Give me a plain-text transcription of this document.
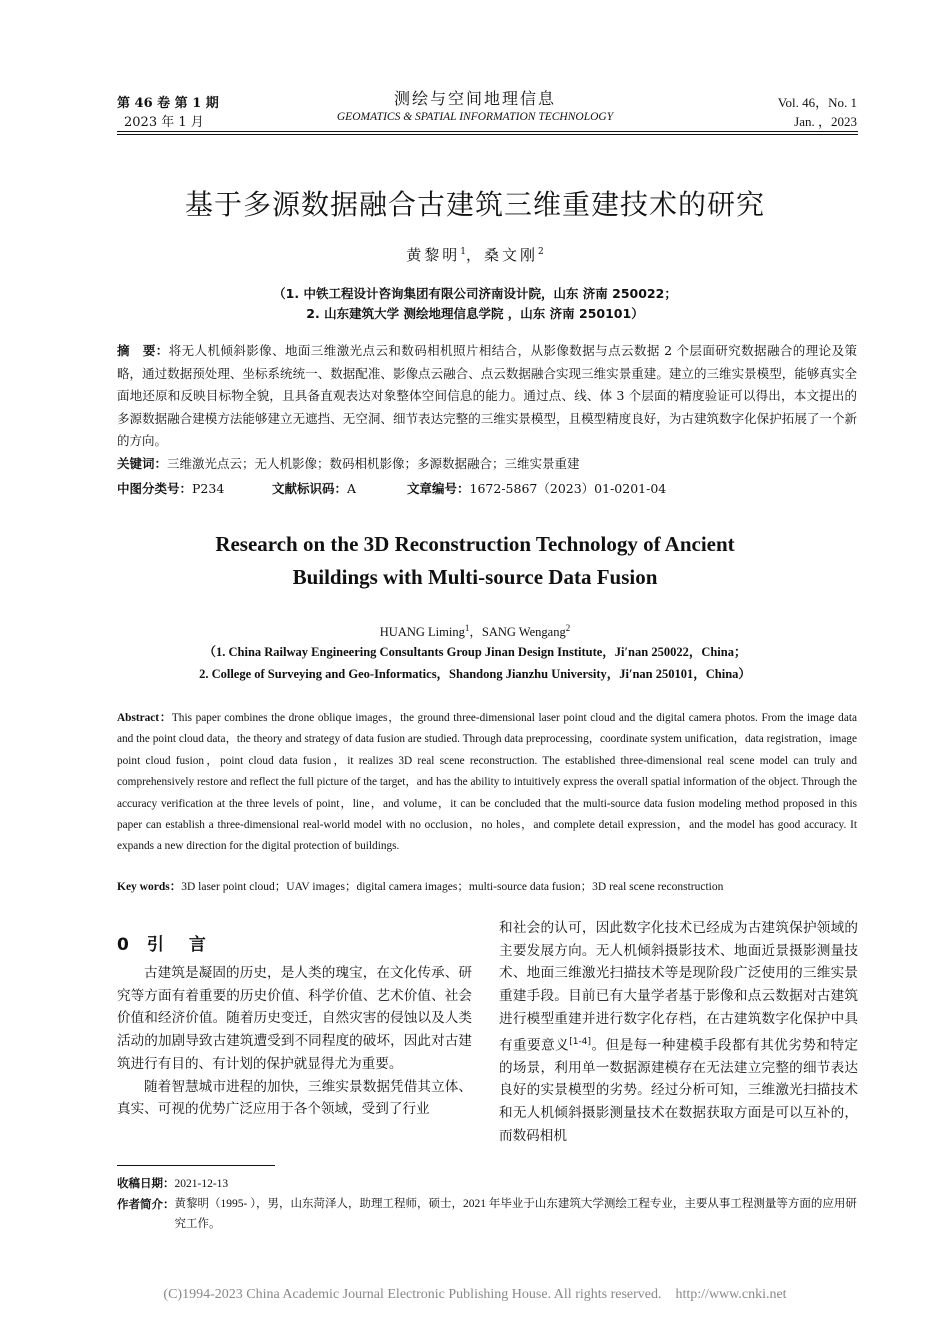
第 46 卷 第 1 期
2023 年 1 月
测绘与空间地理信息
GEOMATICS & SPATIAL INFORMATION TECHNOLOGY
Vol. 46，No. 1
Jan. ，2023
基于多源数据融合古建筑三维重建技术的研究
黄黎明$^1$，桑文刚$^2$
（1. 中铁工程设计咨询集团有限公司济南设计院，山东 济南 250022；
2. 山东建筑大学 测绘地理信息学院 ，山东 济南 250101）
摘　要：将无人机倾斜影像、地面三维激光点云和数码相机照片相结合，从影像数据与点云数据 2 个层面研究数据融合的理论及策略，通过数据预处理、坐标系统统一、数据配准、影像点云融合、点云数据融合实现三维实景重建。建立的三维实景模型，能够真实全面地还原和反映目标物全貌，且具备直观表达对象整体空间信息的能力。通过点、线、体 3 个层面的精度验证可以得出，本文提出的多源数据融合建模方法能够建立无遮挡、无空洞、细节表达完整的三维实景模型，且模型精度良好，为古建筑数字化保护拓展了一个新的方向。
关键词：三维激光点云；无人机影像；数码相机影像；多源数据融合；三维实景重建
中图分类号：P234	文献标识码：A	文章编号：1672-5867（2023）01-0201-04
Research on the 3D Reconstruction Technology of Ancient
Buildings with Multi-source Data Fusion
HUANG Liming$^1$，SANG Wengang$^2$
（1. China Railway Engineering Consultants Group Jinan Design Institute，Ji′nan 250022，China；
2. College of Surveying and Geo-Informatics，Shandong Jianzhu University，Ji′nan 250101，China）
Abstract：This paper combines the drone oblique images，the ground three-dimensional laser point cloud and the digital camera photos. From the image data and the point cloud data，the theory and strategy of data fusion are studied. Through data preprocessing，coordinate system unification，data registration，image point cloud fusion，point cloud data fusion，it realizes 3D real scene reconstruction. The established three-dimensional real scene model can truly and comprehensively restore and reflect the full picture of the target，and has the ability to intuitively express the overall spatial information of the object. Through the accuracy verification at the three levels of point，line，and volume，it can be concluded that the multi-source data fusion modeling method proposed in this paper can establish a three-dimensional real-world model with no occlusion，no holes，and complete detail expression，and the model has good accuracy. It expands a new direction for the digital protection of buildings.
Key words：3D laser point cloud；UAV images；digital camera images；multi-source data fusion；3D real scene reconstruction
0 引　言

古建筑是凝固的历史，是人类的瑰宝，在文化传承、研究等方面有着重要的历史价值、科学价值、艺术价值、社会价值和经济价值。随着历史变迁，自然灾害的侵蚀以及人类活动的加剧导致古建筑遭受到不同程度的破坏，因此对古建筑进行有目的、有计划的保护就显得尤为重要。

随着智慧城市进程的加快，三维实景数据凭借其立体、真实、可视的优势广泛应用于各个领域，受到了行业

和社会的认可，因此数字化技术已经成为古建筑保护领域的主要发展方向。无人机倾斜摄影技术、地面近景摄影测量技术、地面三维激光扫描技术等是现阶段广泛使用的三维实景重建手段。目前已有大量学者基于影像和点云数据对古建筑进行模型重建并进行数字化存档，在古建筑数字化保护中具有重要意义[1-4]。但是每一种建模手段都有其优劣势和特定的场景，利用单一数据源建模存在无法建立完整的细节表达良好的实景模型的劣势。经过分析可知，三维激光扫描技术和无人机倾斜摄影测量技术在数据获取方面是可以互补的，而数码相机

收稿日期：2021-12-13
作者简介： 黄黎明（1995- ），男，山东菏泽人，助理工程师，硕士，2021 年毕业于山东建筑大学测绘工程专业，主要从事工程测量等方面的应用研究工作。
(C)1994-2023 China Academic Journal Electronic Publishing House. All rights reserved.    http://www.cnki.net
